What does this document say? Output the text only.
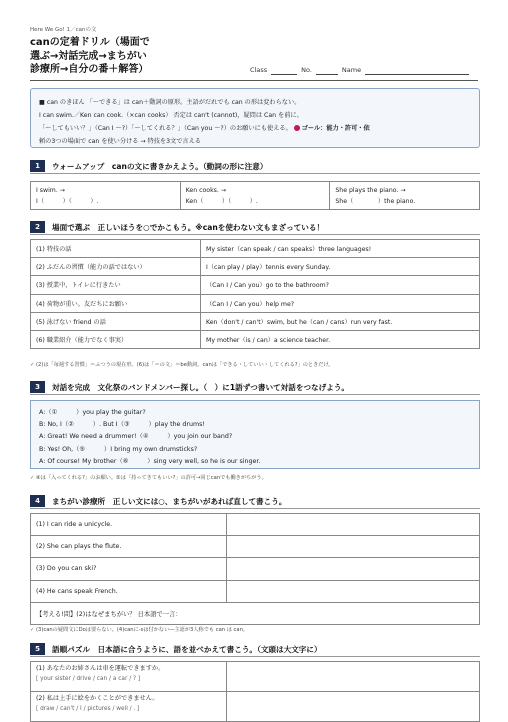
Here We Go! 1／canの文
canの定着ドリル（場面で
選ぶ→対話完成→まちがい
診療所→自分の番＋解答）	Class	No.	Name
■ can のきほん 「～できる」は can＋動詞の原形。主語がだれでも can の形は変わらない。
I can swim.／Ken can cook.（×can cooks） 否定は can't (cannot)，疑問は Can を前に。
「～してもいい？」（Can I ～?）「～してくれる？」（Can you ～?）のお願いにも使える。 ゴール：能力・許可・依
頼の3つの場面で can を使い分ける → 特技を3文で言える
1	ウォームアップ　canの文に書きかえよう。（動詞の形に注意）
I swim. →
I（　　　）（　　　）.
Ken cooks. →
Ken（　　　）（　　　）.
She plays the piano. →
She（　　　　）the piano.
2	場面で選ぶ　正しいほうを○でかこもう。※canを使わない文もまざっている！
(1) 特技の話	My sister（can speak / can speaks）three languages!
(2) ふだんの習慣（能力の話ではない）	I（can play / play）tennis every Sunday.
(3) 授業中，トイレに行きたい	（Can I / Can you）go to the bathroom?
(4) 荷物が重い。友だちにお願い	（Can I / Can you）help me?
(5) 泳げない friend の話	Ken（don't / can't）swim, but he（can / cans）run very fast.
(6) 職業紹介（能力でなく事実）	My mother（is / can）a science teacher.
✓ (2)は「毎週する習慣」＝ふつうの現在形。(6)は「＝の文」＝be動詞。canは「できる・していい・してくれる?」のときだけ。
3	対話を完成　文化祭のバンドメンバー探し。（　）に1語ずつ書いて対話をつなげよう。
A:（①　　　）you play the guitar?
B: No, I（②　　　）. But I（③　　　）play the drums!
A: Great! We need a drummer!（④　　　）you join our band?
B: Yes! Oh,（⑤　　　）I bring my own drumsticks?
A: Of course! My brother（⑥　　　）sing very well, so he is our singer.
✓ ④は「入ってくれる?」のお願い。⑤は「持ってきてもいい?」の許可→同じcanでも働きがちがう。
4	まちがい診療所　正しい文には○、まちがいがあれば直して書こう。
(1) I can ride a unicycle.	
(2) She can plays the flute.	
(3) Do you can ski?	
(4) He cans speak French.	
【考える!問】(2)はなぜまちがい？ 日本語で一言：	
✓ (3)canの疑問文にDoは要らない。(4)canに-sは付かない―主語が3人称でも can は can。
5	語順パズル　日本語に合うように、語を並べかえて書こう。（文頭は大文字に）
(1) あなたのお姉さんは車を運転できますか。
[ your sister / drive / can / a car / ? ]	

(2) 私は上手に絵をかくことができません。
[ draw / can't / I / pictures / well / . ]	
